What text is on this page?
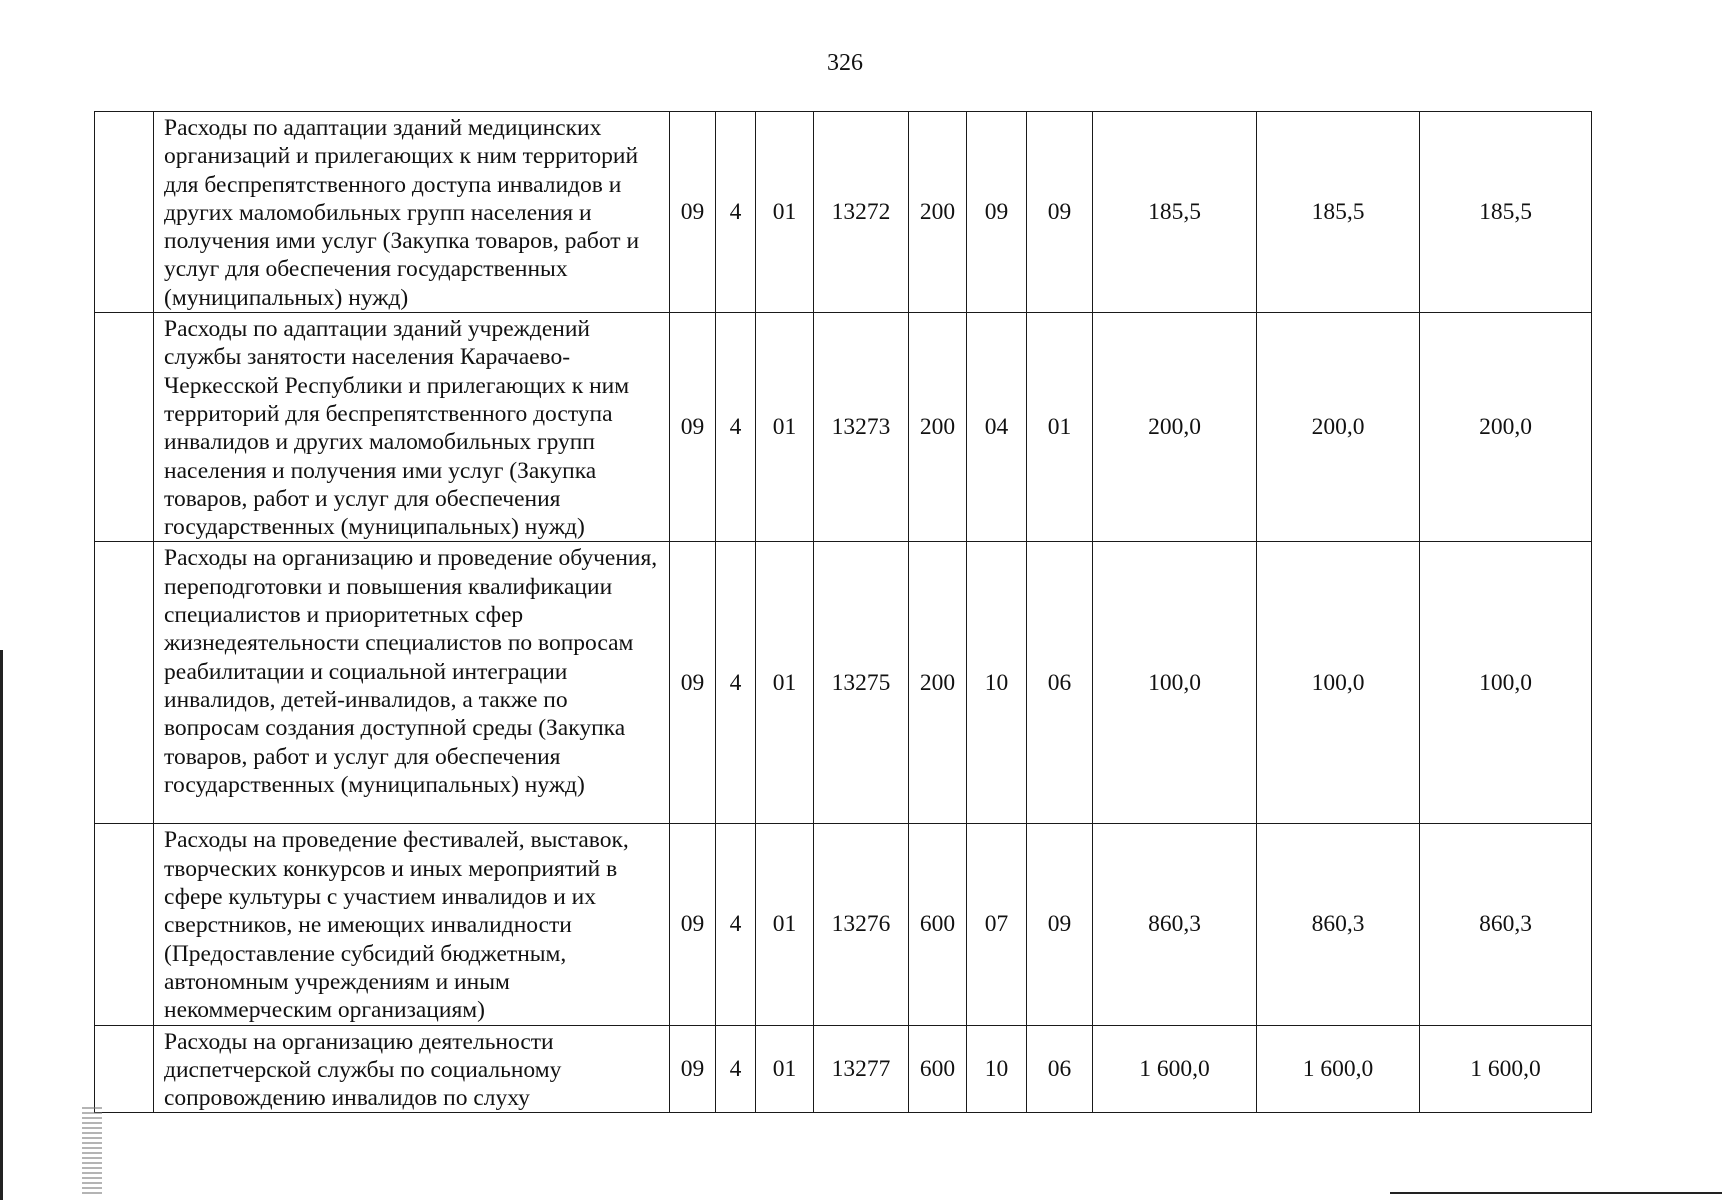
326
	Расходы по адаптации зданий медицинских организаций и прилегающих к ним территорий для беспрепятственного доступа инвалидов и других маломобильных групп населения и получения ими услуг (Закупка товаров, работ и услуг для обеспечения государственных (муниципальных) нужд)	09	4	01	13272	200	09	09	185,5	185,5	185,5
	Расходы по адаптации зданий учреждений службы занятости населения Карачаево-Черкесской Республики и прилегающих к ним территорий для беспрепятственного доступа инвалидов и других маломобильных групп населения и получения ими услуг (Закупка товаров, работ и услуг для обеспечения государственных (муниципальных) нужд)	09	4	01	13273	200	04	01	200,0	200,0	200,0
	Расходы на организацию и проведение обучения, переподготовки и повышения квалификации специалистов и приоритетных сфер жизнедеятельности специалистов по вопросам реабилитации и социальной интеграции инвалидов, детей-инвалидов, а также по вопросам создания доступной среды (Закупка товаров, работ и услуг для обеспечения государственных (муниципальных) нужд)	09	4	01	13275	200	10	06	100,0	100,0	100,0
	Расходы на проведение фестивалей, выставок, творческих конкурсов и иных мероприятий в сфере культуры с участием инвалидов и их сверстников, не имеющих инвалидности (Предоставление субсидий бюджетным, автономным учреждениям и иным некоммерческим организациям)	09	4	01	13276	600	07	09	860,3	860,3	860,3
	Расходы на организацию деятельности диспетчерской службы по социальному сопровождению инвалидов по слуху	09	4	01	13277	600	10	06	1 600,0	1 600,0	1 600,0
